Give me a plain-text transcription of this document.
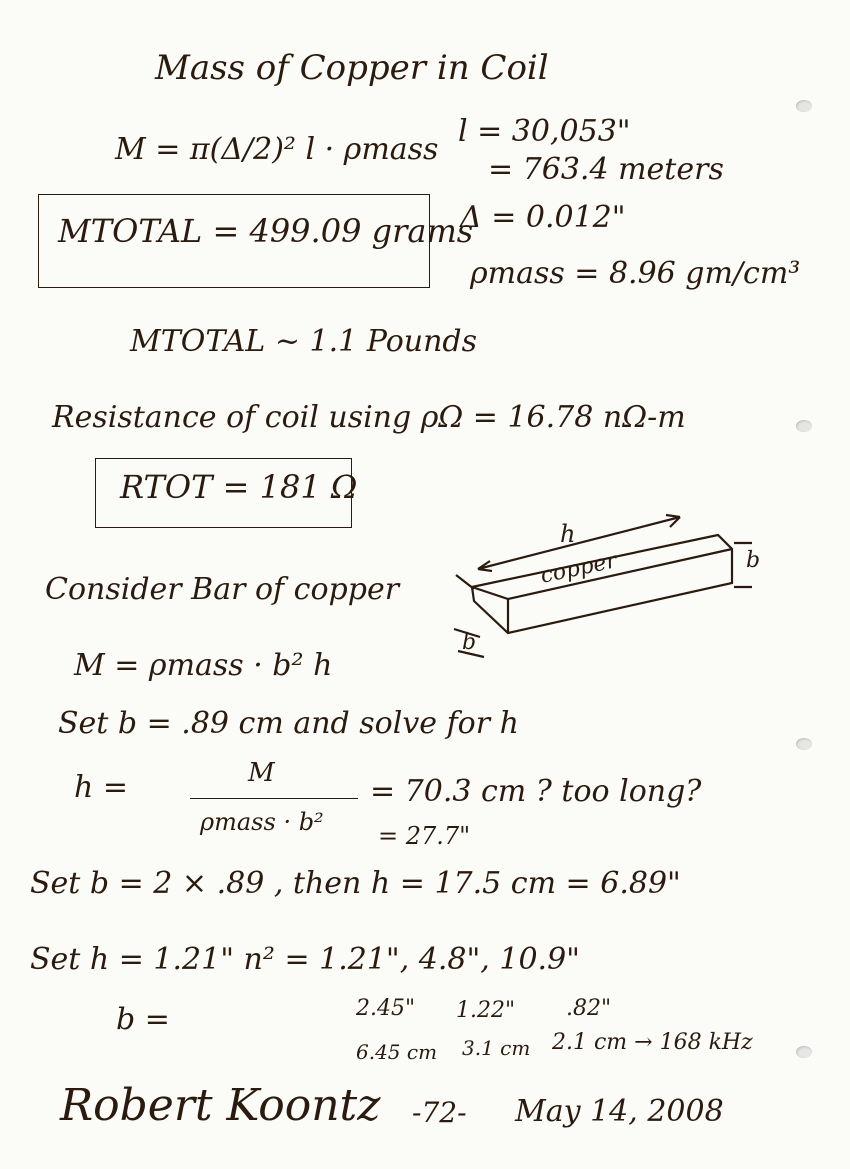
Mass of Copper in Coil
M = π(Δ/2)² l · ρmass
l = 30,053"
= 763.4 meters
MTOTAL = 499.09 grams
Δ = 0.012"
ρmass = 8.96 gm/cm³
MTOTAL ~ 1.1 Pounds
Resistance of coil using ρΩ = 16.78 nΩ-m
RTOT = 181 Ω
Consider Bar of copper
h
copper	b
b
M = ρmass · b² h
Set b = .89 cm and solve for h
h =	M
ρmass · b²
= 70.3 cm ? too long?
= 27.7"
Set b = 2 × .89 , then h = 17.5 cm = 6.89"
Set h = 1.21" n² = 1.21", 4.8", 10.9"
b =	2.45" 1.22" .82"
6.45 cm 3.1 cm 2.1 cm → 168 kHz
Robert Koontz -72- May 14, 2008
